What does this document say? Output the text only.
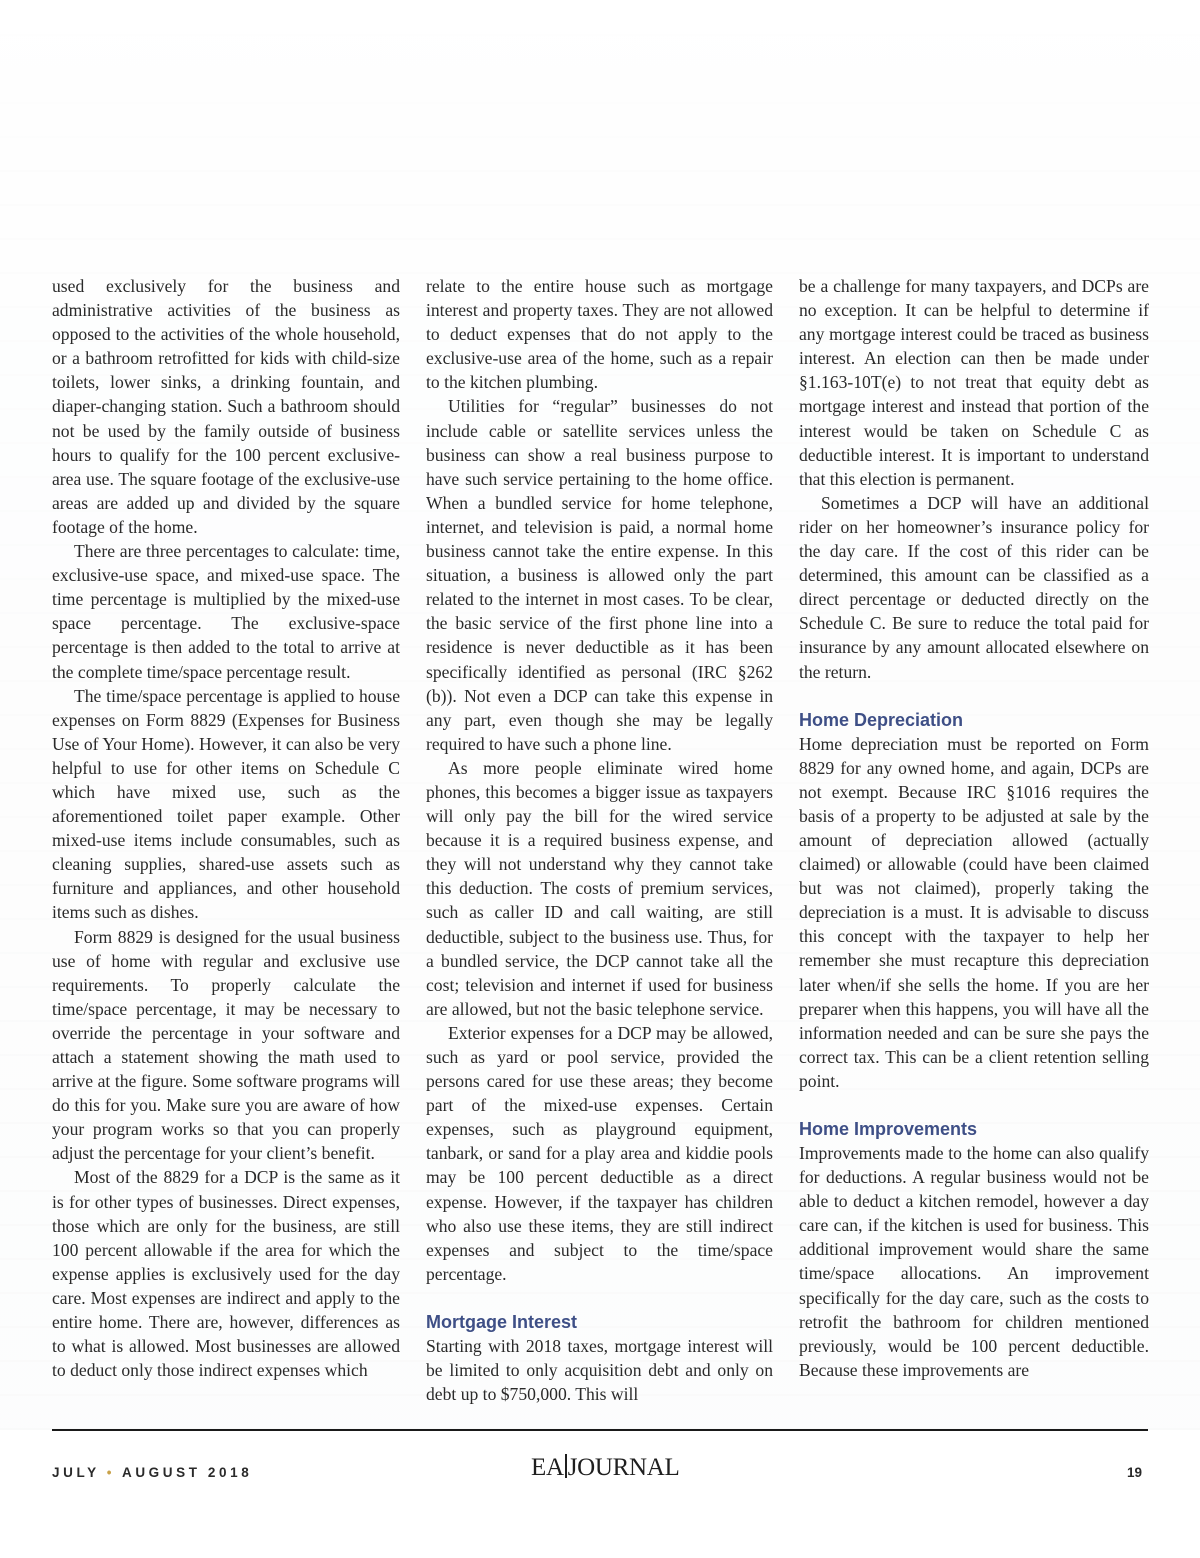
used exclusively for the business and administrative activities of the business as opposed to the activities of the whole household, or a bathroom retrofitted for kids with child-size toilets, lower sinks, a drinking fountain, and diaper-changing station. Such a bathroom should not be used by the family outside of business hours to qualify for the 100 percent exclusive-area use. The square footage of the exclusive-use areas are added up and divided by the square footage of the home.

There are three percentages to calculate: time, exclusive-use space, and mixed-use space. The time percentage is multiplied by the mixed-use space percentage. The exclusive-space percentage is then added to the total to arrive at the complete time/space percentage result.

The time/space percentage is applied to house expenses on Form 8829 (Expenses for Business Use of Your Home). However, it can also be very helpful to use for other items on Schedule C which have mixed use, such as the aforementioned toilet paper example. Other mixed-use items include consumables, such as cleaning supplies, shared-use assets such as furniture and appliances, and other household items such as dishes.

Form 8829 is designed for the usual business use of home with regular and exclusive use requirements. To properly calculate the time/space percentage, it may be necessary to override the percentage in your software and attach a statement showing the math used to arrive at the figure. Some software programs will do this for you. Make sure you are aware of how your program works so that you can properly adjust the percentage for your client’s benefit.

Most of the 8829 for a DCP is the same as it is for other types of businesses. Direct expenses, those which are only for the business, are still 100 percent allowable if the area for which the expense applies is exclusively used for the day care. Most expenses are indirect and apply to the entire home. There are, however, differences as to what is allowed. Most businesses are allowed to deduct only those indirect expenses which

relate to the entire house such as mortgage interest and property taxes. They are not allowed to deduct expenses that do not apply to the exclusive-use area of the home, such as a repair to the kitchen plumbing.

Utilities for “regular” businesses do not include cable or satellite services unless the business can show a real business purpose to have such service pertaining to the home office. When a bundled service for home telephone, internet, and television is paid, a normal home business cannot take the entire expense. In this situation, a business is allowed only the part related to the internet in most cases. To be clear, the basic service of the first phone line into a residence is never deductible as it has been specifically identified as personal (IRC §262 (b)). Not even a DCP can take this expense in any part, even though she may be legally required to have such a phone line.

As more people eliminate wired home phones, this becomes a bigger issue as taxpayers will only pay the bill for the wired service because it is a required business expense, and they will not understand why they cannot take this deduction. The costs of premium services, such as caller ID and call waiting, are still deductible, subject to the business use. Thus, for a bundled service, the DCP cannot take all the cost; television and internet if used for business are allowed, but not the basic telephone service.

Exterior expenses for a DCP may be allowed, such as yard or pool service, provided the persons cared for use these areas; they become part of the mixed-use expenses. Certain expenses, such as playground equipment, tanbark, or sand for a play area and kiddie pools may be 100 percent deductible as a direct expense. However, if the taxpayer has children who also use these items, they are still indirect expenses and subject to the time/space percentage.

Mortgage Interest

Starting with 2018 taxes, mortgage interest will be limited to only acquisition debt and only on debt up to $750,000. This will

be a challenge for many taxpayers, and DCPs are no exception. It can be helpful to determine if any mortgage interest could be traced as business interest. An election can then be made under §1.163-10T(e) to not treat that equity debt as mortgage interest and instead that portion of the interest would be taken on Schedule C as deductible interest. It is important to understand that this election is permanent.

Sometimes a DCP will have an additional rider on her homeowner’s insurance policy for the day care. If the cost of this rider can be determined, this amount can be classified as a direct percentage or deducted directly on the Schedule C. Be sure to reduce the total paid for insurance by any amount allocated elsewhere on the return.

Home Depreciation

Home depreciation must be reported on Form 8829 for any owned home, and again, DCPs are not exempt. Because IRC §1016 requires the basis of a property to be adjusted at sale by the amount of depreciation allowed (actually claimed) or allowable (could have been claimed but was not claimed), properly taking the depreciation is a must. It is advisable to discuss this concept with the taxpayer to help her remember she must recapture this depreciation later when/if she sells the home. If you are her preparer when this happens, you will have all the information needed and can be sure she pays the correct tax. This can be a client retention selling point.

Home Improvements

Improvements made to the home can also qualify for deductions. A regular business would not be able to deduct a kitchen remodel, however a day care can, if the kitchen is used for business. This additional improvement would share the same time/space allocations. An improvement specifically for the day care, such as the costs to retrofit the bathroom for children mentioned previously, would be 100 percent deductible. Because these improvements are

JULY • AUGUST 2018	EA JOURNAL	19
